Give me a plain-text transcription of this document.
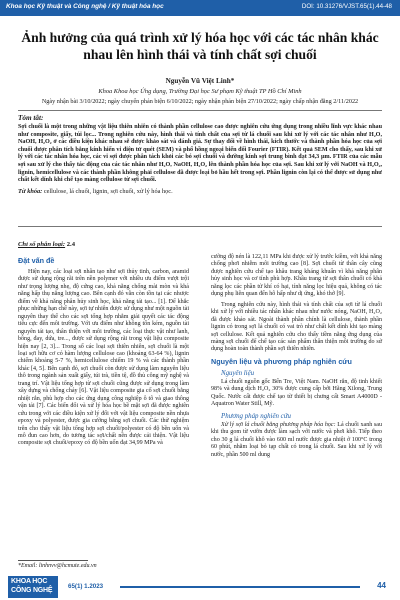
Khoa học Kỹ thuật và Công nghệ / Kỹ thuật hóa học	DOI: 10.31276/VJST.65(1).44-48
Ảnh hưởng của quá trình xử lý hóa học với các tác nhân khác nhau lên hình thái và tính chất sợi chuối
Nguyễn Vũ Việt Linh*
Khoa Khoa học Ứng dụng, Trường Đại học Sư phạm Kỹ thuật TP Hồ Chí Minh
Ngày nhận bài 3/10/2022; ngày chuyển phản biện 6/10/2022; ngày nhận phản biện 27/10/2022; ngày chấp nhận đăng 2/11/2022
Tóm tắt:

Sợi chuối là một trong những vật liệu thiên nhiên có thành phần cellulose cao được nghiên cứu ứng dụng trong nhiều lĩnh vực khác nhau như composite, giấy, túi lọc... Trong nghiên cứu này, hình thái và tính chất của sợi từ lá chuối sau khi xử lý với các tác nhân như H₂O, NaOH, H₂O₂ ở các điều kiện khác nhau sẽ được khảo sát và đánh giá. Sự thay đổi về hình thái, kích thước và thành phần hóa học của sợi chuối được phân tích bằng kính hiển vi điện tử quét (SEM) và phổ hồng ngoại biến đổi Fourier (FTIR). Kết quả SEM cho thấy, sau khi xử lý với các tác nhân hóa học, các vi sợi được phân tách khỏi các bó sợi chuối và đường kính sợi trung bình đạt 34,3 µm. FTIR của các mẫu sợi sau xử lý cho thấy tác động của các tác nhân như H₂O, NaOH, H₂O₂ lên thành phần hóa học của sợi. Sau khi xử lý với NaOH và H₂O₂, lignin, hemicellulose và các thành phần không phải cellulose đã được loại bỏ hầu hết trong sợi. Phần lignin còn lại có thể được sử dụng như chất kết dính khi chế tạo màng cellulose từ sợi chuối.

Từ khóa: cellulose, lá chuối, lignin, sợi chuối, xử lý hóa học.
Chỉ số phân loại: 2.4
Đặt vấn đề

Hiện nay, các loại sợi nhân tạo như sợi thủy tinh, carbon, aramid được sử dụng rộng rãi trên nền polymer với nhiều ưu điểm vượt trội như trọng lượng nhẹ, độ cứng cao, khả năng chống mài mòn và khả năng hấp thụ năng lượng cao. Bên cạnh đó vẫn còn tồn tại các nhược điểm về khả năng phân hủy sinh học, khả năng tái tạo... [1]. Để khắc phục những hạn chế này, sợi tự nhiên được sử dụng như một nguồn tài nguyên thay thế cho các sợi tổng hợp nhằm giải quyết các tác động tiêu cực đến môi trường. Với ưu điểm như không tốn kém, nguồn tài nguyên tái tạo, thân thiện với môi trường, các loại thực vật như lanh, bông, đay, dứa, tre..., được sử dụng rộng rãi trong vật liệu composite hiện nay [2, 3]... Trong số các loại sợi thiên nhiên, sợi chuối là một loại sợi hữu cơ có hàm lượng cellulose cao (khoảng 63-64 %), lignin chiếm khoảng 5-7 %, hemicellulose chiếm 19 % và các thành phần khác [4, 5]. Bên cạnh đó, sợi chuối còn được sử dụng làm nguyên liệu thô trong ngành sản xuất giấy, túi trà, tiền tệ, đồ thủ công mỹ nghệ và trang trí. Vật liệu tổng hợp từ sợi chuối cũng được sử dụng trong làm xây dựng và chống cháy [6]. Vật liệu composite gia cố sợi chuối bằng nhiệt rắn, phù hợp cho các ứng dụng công nghiệp ô tô và giao thông vận tải [7]. Các biến đổi và xử lý hóa học bề mặt sợi đã được nghiên cứu trong với các điều kiện xử lý đối với vật liệu composite nền nhựa epoxy và polyester, được gia cường bằng sợi chuối. Các thử nghiệm trên cho thấy vật liệu tổng hợp sợi chuối/polyester có độ bền uốn và mô đun cao hơn, do tương tác sợi/chất nền được cải thiện. Vật liệu composite sợi chuối/epoxy có độ bền uốn đạt 34,99 MPa và

cường độ nén là 122,11 MPa khi được xử lý trước kiềm, với khả năng chống phơi nhiễm môi trường cao [8]. Sợi chuối từ thân cây cũng được nghiên cứu chế tạo khâu trang kháng khuẩn vì khả năng phân hủy sinh học và cơ tính phù hợp. Khâu trang từ sợi thân chuối có khả năng lọc các phần tử khí có hại, tính năng lọc hiệu quả, không có tác dụng phụ liên quan đến hô hấp như dị ứng, khó thở [9].

Trong nghiên cứu này, hình thái và tính chất của sợi từ lá chuối khi xử lý với nhiều tác nhân khác nhau như nước nóng, NaOH, H₂O₂ đã được khảo sát. Ngoài thành phần chính là cellulose, thành phần lignin có trong sợi lá chuối có vai trò như chất kết dính khi tạo màng sợi cellulose. Kết quả nghiên cứu cho thấy tiềm năng ứng dụng của màng sợi chuối để chế tạo các sản phẩm thân thiện môi trường do sử dụng hoàn toàn thành phần sợi thiên nhiên.

Nguyên liệu và phương pháp nghiên cứu
Nguyên liệu

Lá chuối nguồn gốc Bến Tre, Việt Nam. NaOH rắn, độ tinh khiết 98% và dung dịch H₂O₂ 30% được cung cấp bởi Hãng Xilong, Trung Quốc. Nước cất được chế tạo từ thiết bị chưng cất Smart A4000D - Aquatron Water Still, Mỹ.

Phương pháp nghiên cứu

Xử lý sợi lá chuối bằng phương pháp hóa học: Lá chuối xanh sau khi thu gom từ vườn được làm sạch với nước và phơi khô. Tiếp theo cho 30 g lá chuối khô vào 600 ml nước được gia nhiệt ở 100°C trong 60 phút, nhằm loại bỏ tạp chất có trong lá chuối. Sau khi xử lý với nước, phần 500 ml dung

*Email: linhnvv@hcmute.edu.vn
KHOA HỌC
CÔNG NGHỆ
65(1) 1.2023	44
